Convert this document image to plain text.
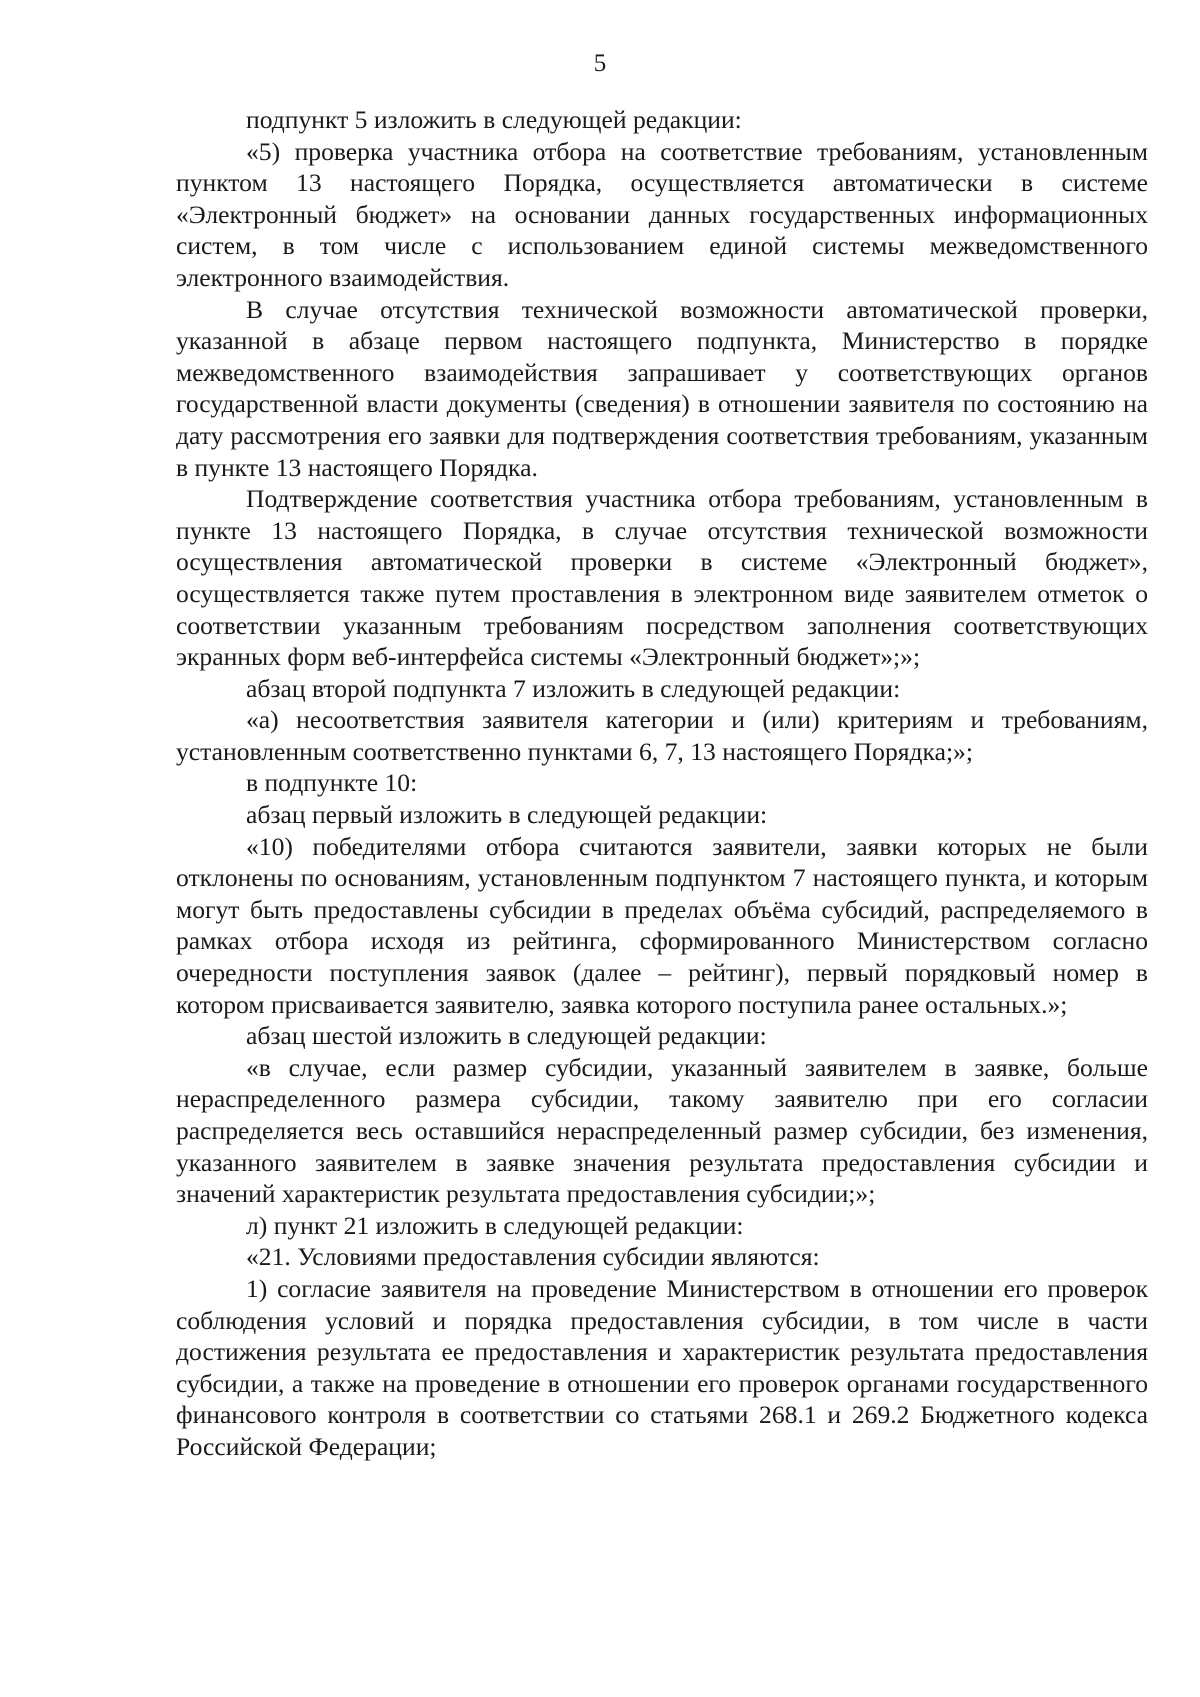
5

подпункт 5 изложить в следующей редакции:

«5) проверка участника отбора на соответствие требованиям, установленным пунктом 13 настоящего Порядка, осуществляется автоматически в системе «Электронный бюджет» на основании данных государственных информационных систем, в том числе с использованием единой системы межведомственного электронного взаимодействия.

В случае отсутствия технической возможности автоматической проверки, указанной в абзаце первом настоящего подпункта, Министерство в порядке межведомственного взаимодействия запрашивает у соответствующих органов государственной власти документы (сведения) в отношении заявителя по состоянию на дату рассмотрения его заявки для подтверждения соответствия требованиям, указанным в пункте 13 настоящего Порядка.

Подтверждение соответствия участника отбора требованиям, установленным в пункте 13 настоящего Порядка, в случае отсутствия технической возможности осуществления автоматической проверки в системе «Электронный бюджет», осуществляется также путем проставления в электронном виде заявителем отметок о соответствии указанным требованиям посредством заполнения соответствующих экранных форм веб-интерфейса системы «Электронный бюджет»;»;

абзац второй подпункта 7 изложить в следующей редакции:

«а) несоответствия заявителя категории и (или) критериям и требованиям, установленным соответственно пунктами 6, 7, 13 настоящего Порядка;»;

в подпункте 10:

абзац первый изложить в следующей редакции:

«10) победителями отбора считаются заявители, заявки которых не были отклонены по основаниям, установленным подпунктом 7 настоящего пункта, и которым могут быть предоставлены субсидии в пределах объёма субсидий, распределяемого в рамках отбора исходя из рейтинга, сформированного Министерством согласно очередности поступления заявок (далее – рейтинг), первый порядковый номер в котором присваивается заявителю, заявка которого поступила ранее остальных.»;

абзац шестой изложить в следующей редакции:

«в случае, если размер субсидии, указанный заявителем в заявке, больше нераспределенного размера субсидии, такому заявителю при его согласии распределяется весь оставшийся нераспределенный размер субсидии, без изменения, указанного заявителем в заявке значения результата предоставления субсидии и значений характеристик результата предоставления субсидии;»;

л) пункт 21 изложить в следующей редакции:

«21. Условиями предоставления субсидии являются:

1) согласие заявителя на проведение Министерством в отношении его проверок соблюдения условий и порядка предоставления субсидии, в том числе в части достижения результата ее предоставления и характеристик результата предоставления субсидии, а также на проведение в отношении его проверок органами государственного финансового контроля в соответствии со статьями 268.1 и 269.2 Бюджетного кодекса Российской Федерации;
